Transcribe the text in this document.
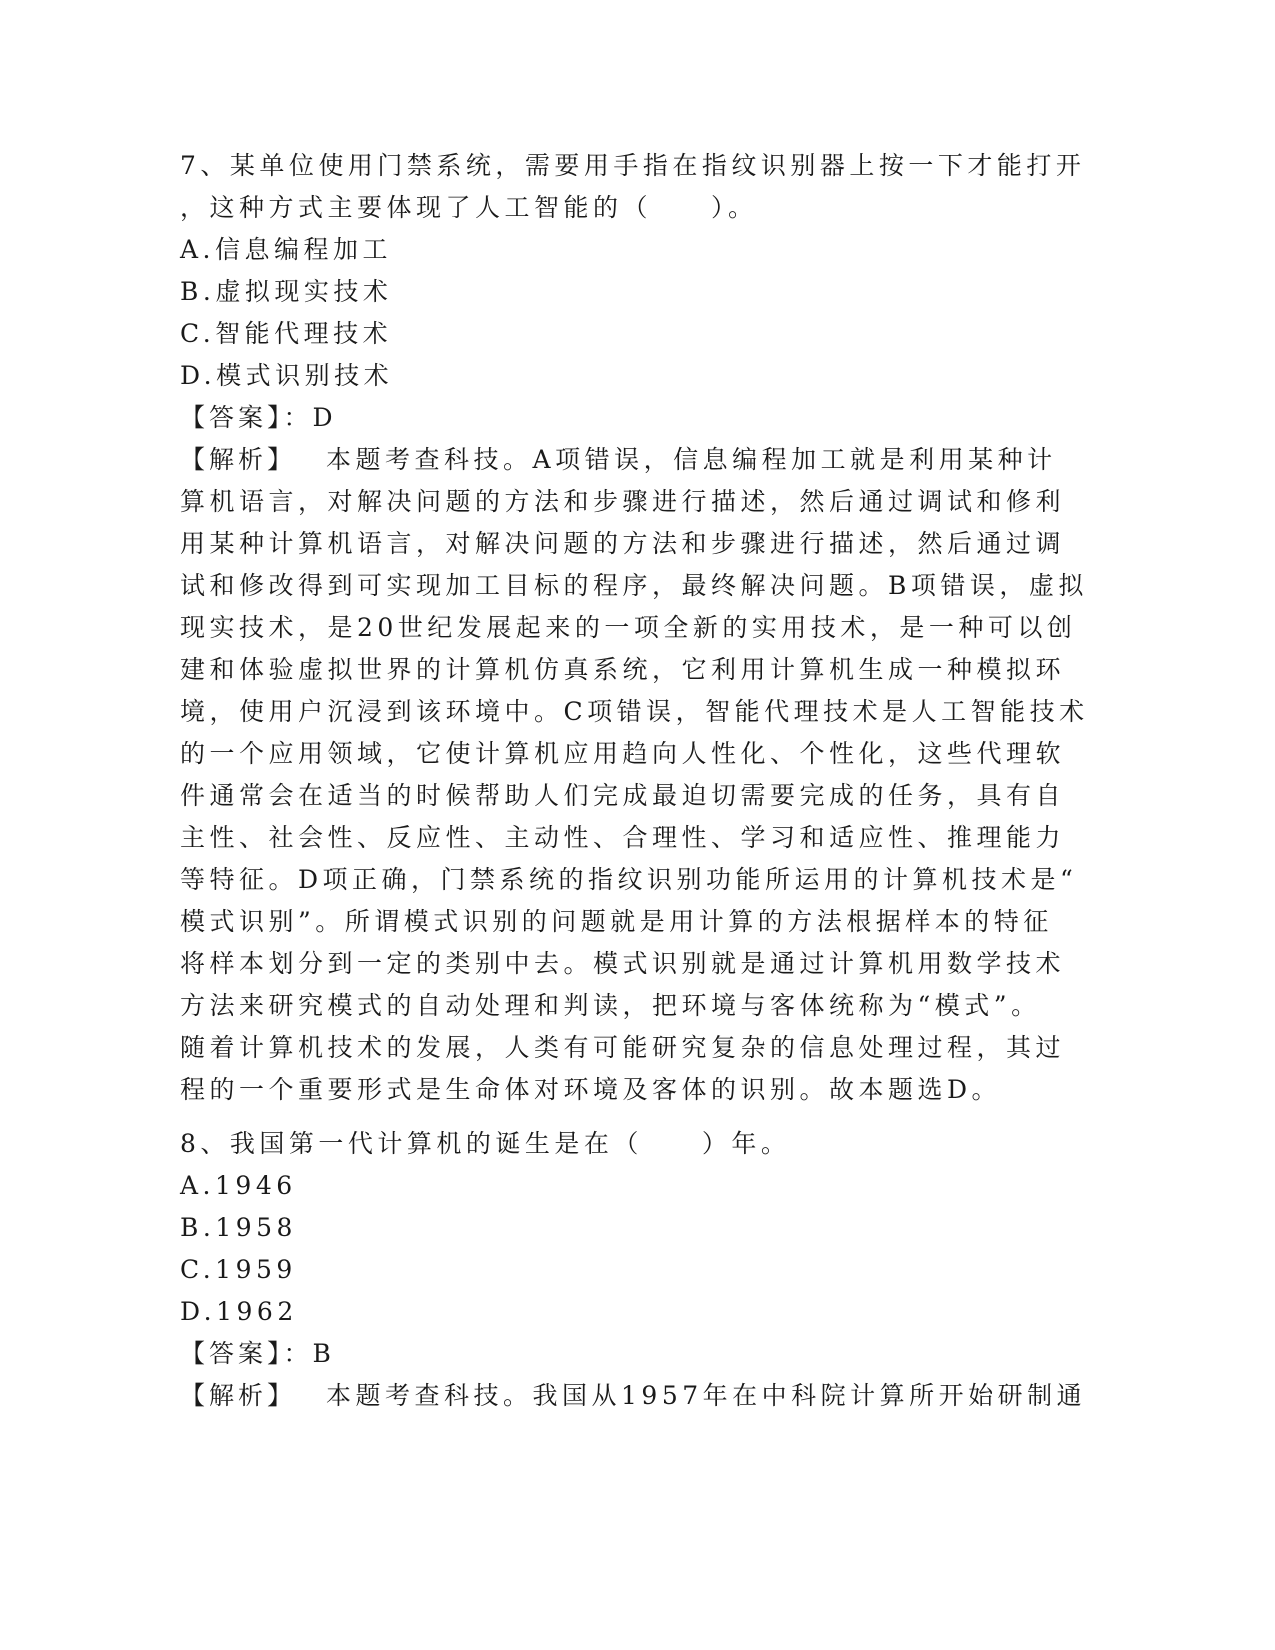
7、某单位使用门禁系统，需要用手指在指纹识别器上按一下才能打开
，这种方式主要体现了人工智能的（　　）。
A.信息编程加工
B.虚拟现实技术
C.智能代理技术
D.模式识别技术
【答案】：D
【解析】 本题考查科技。A项错误，信息编程加工就是利用某种计
算机语言，对解决问题的方法和步骤进行描述，然后通过调试和修利
用某种计算机语言，对解决问题的方法和步骤进行描述，然后通过调
试和修改得到可实现加工目标的程序，最终解决问题。B项错误，虚拟
现实技术，是20世纪发展起来的一项全新的实用技术，是一种可以创
建和体验虚拟世界的计算机仿真系统，它利用计算机生成一种模拟环
境，使用户沉浸到该环境中。C项错误，智能代理技术是人工智能技术
的一个应用领域，它使计算机应用趋向人性化、个性化，这些代理软
件通常会在适当的时候帮助人们完成最迫切需要完成的任务，具有自
主性、社会性、反应性、主动性、合理性、学习和适应性、推理能力
等特征。D项正确，门禁系统的指纹识别功能所运用的计算机技术是“
模式识别”。所谓模式识别的问题就是用计算的方法根据样本的特征
将样本划分到一定的类别中去。模式识别就是通过计算机用数学技术
方法来研究模式的自动处理和判读，把环境与客体统称为“模式”。
随着计算机技术的发展，人类有可能研究复杂的信息处理过程，其过
程的一个重要形式是生命体对环境及客体的识别。故本题选D。
8、我国第一代计算机的诞生是在（　　）年。
A.1946
B.1958
C.1959
D.1962
【答案】：B
【解析】 本题考查科技。我国从1957年在中科院计算所开始研制通
